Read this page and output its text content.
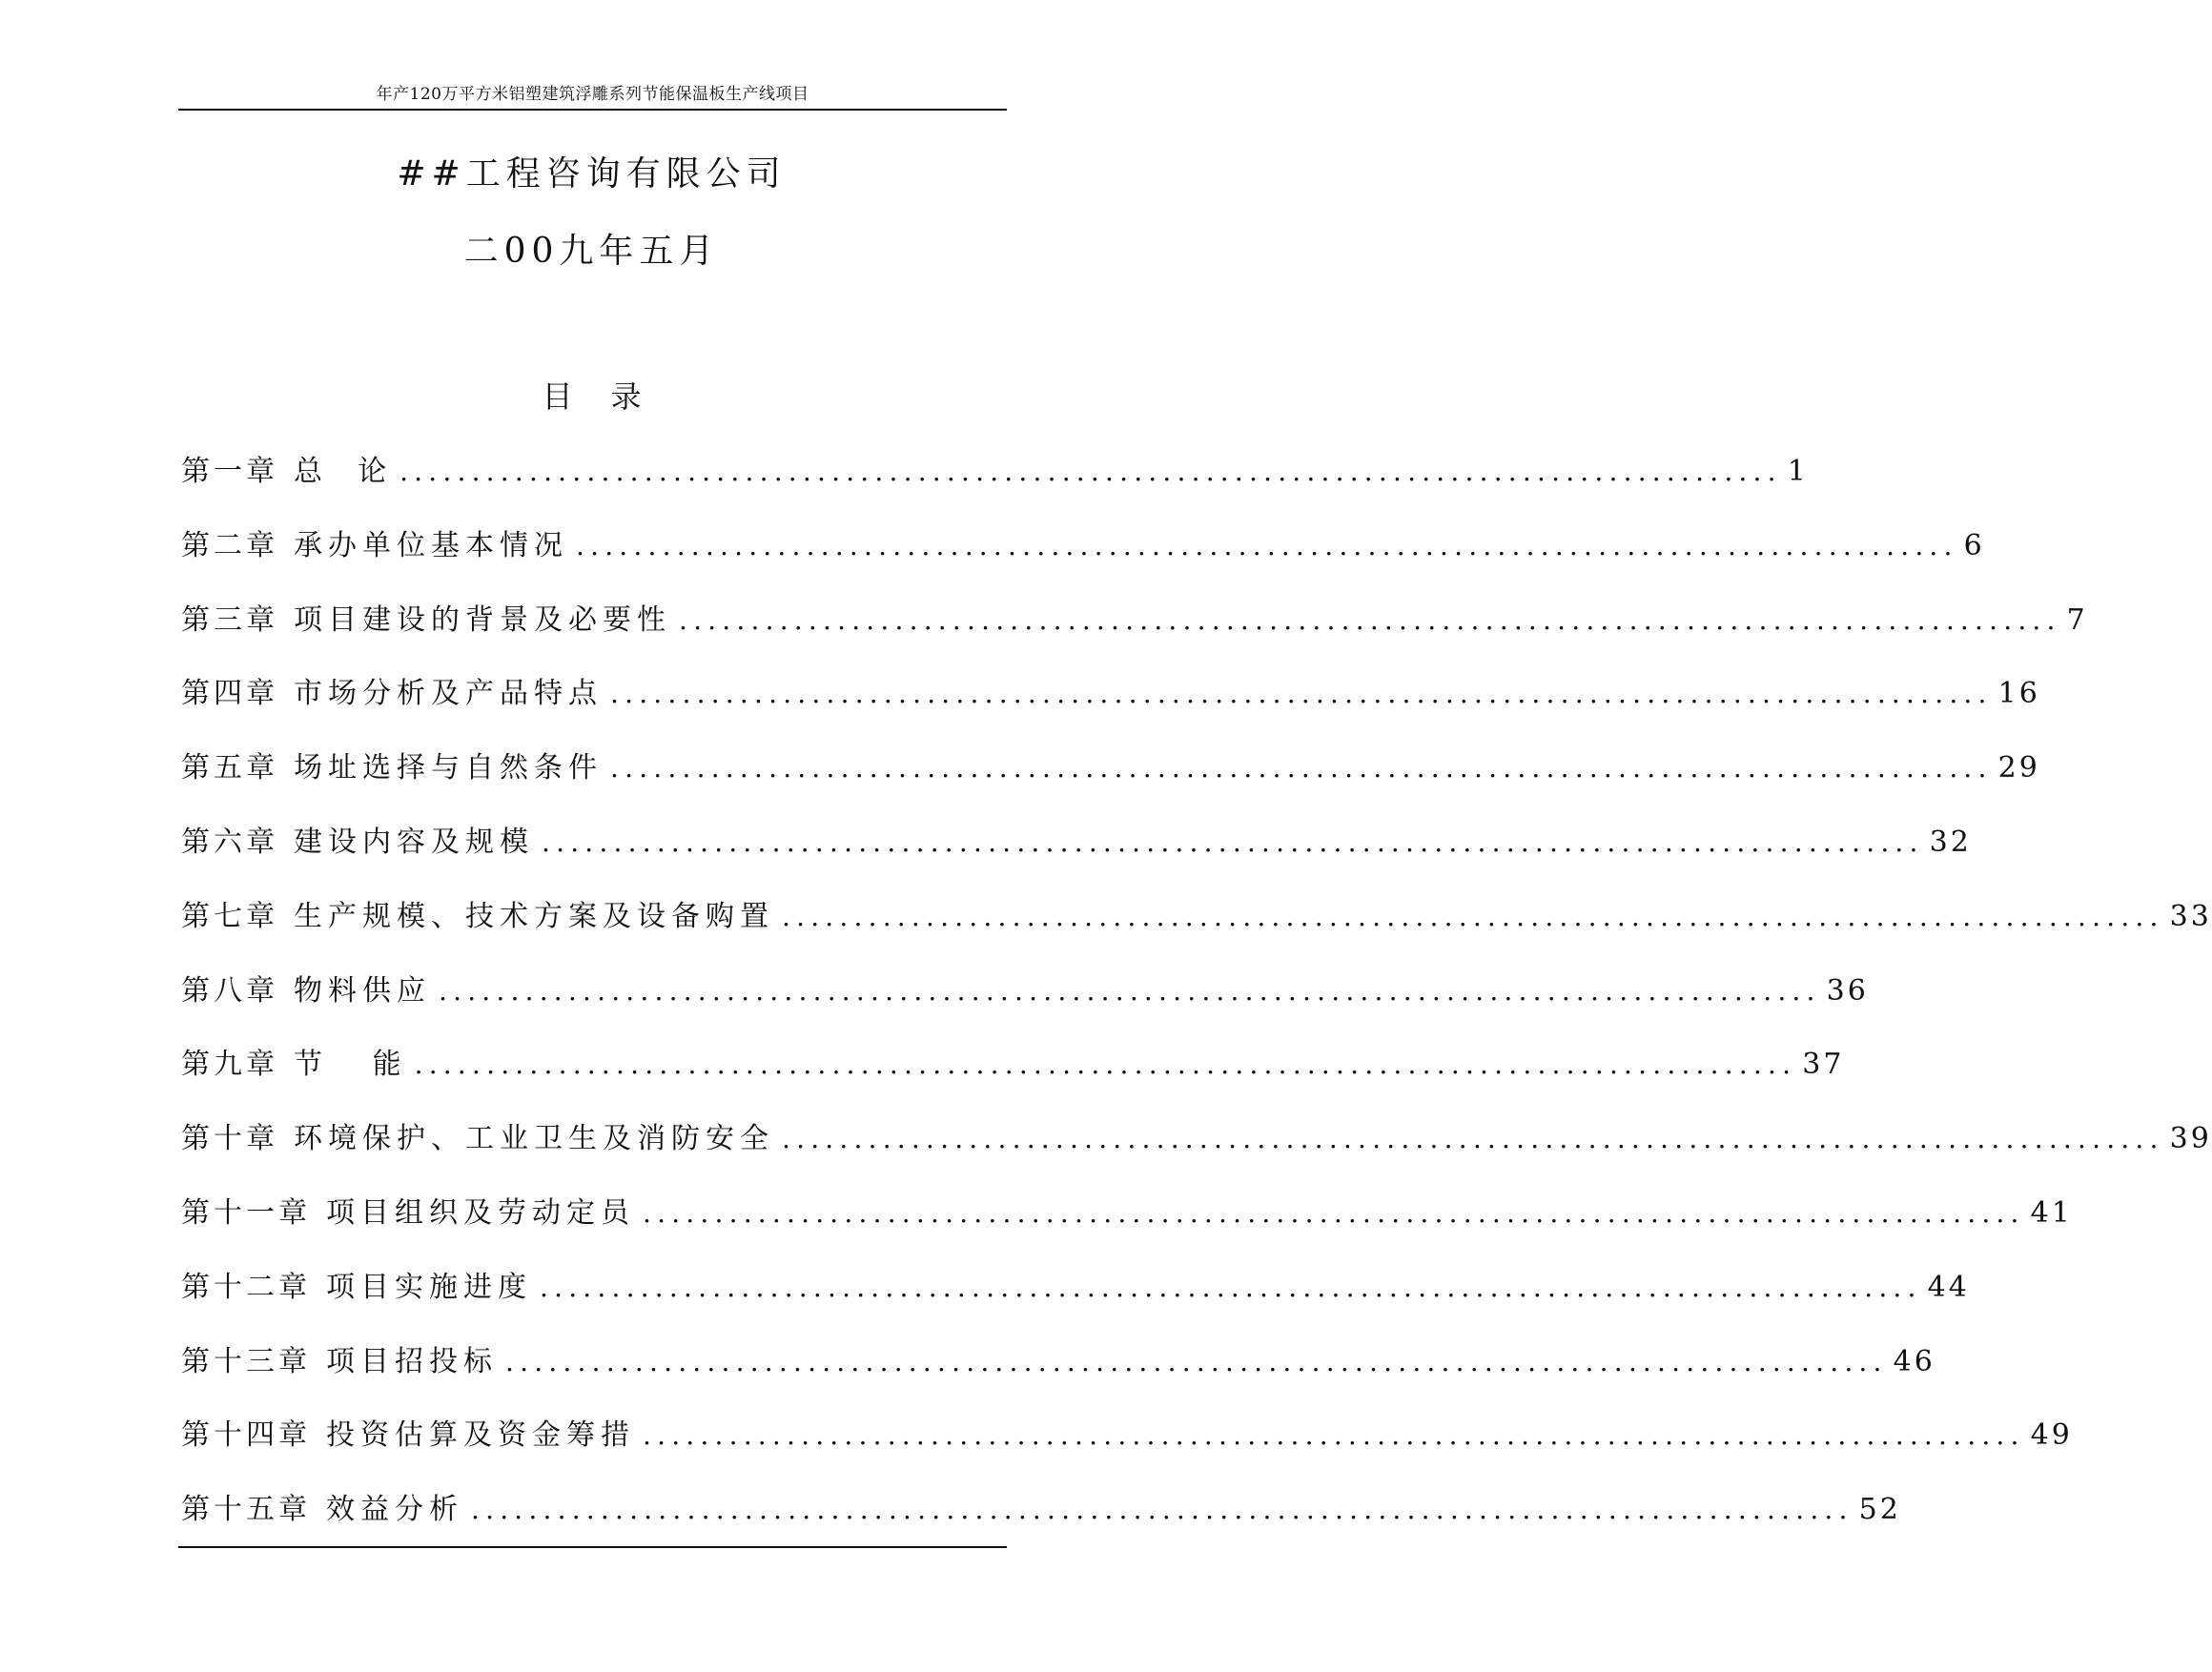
年产120万平方米铝塑建筑浮雕系列节能保温板生产线项目
##工程咨询有限公司
二00九年五月
目 录
第一章 总  论 ................................................................................................ 1
第二章 承办单位基本情况 ................................................................................................ 6
第三章 项目建设的背景及必要性 ................................................................................................ 7
第四章 市场分析及产品特点 ................................................................................................ 16
第五章 场址选择与自然条件 ................................................................................................ 29
第六章 建设内容及规模 ................................................................................................ 32
第七章 生产规模、技术方案及设备购置 ................................................................................................ 33
第八章 物料供应 ................................................................................................ 36
第九章 节   能 ................................................................................................ 37
第十章 环境保护、工业卫生及消防安全 ................................................................................................ 39
第十一章 项目组织及劳动定员 ................................................................................................ 41
第十二章 项目实施进度 ................................................................................................ 44
第十三章 项目招投标 ................................................................................................ 46
第十四章 投资估算及资金筹措 ................................................................................................ 49
第十五章 效益分析 ................................................................................................ 52
